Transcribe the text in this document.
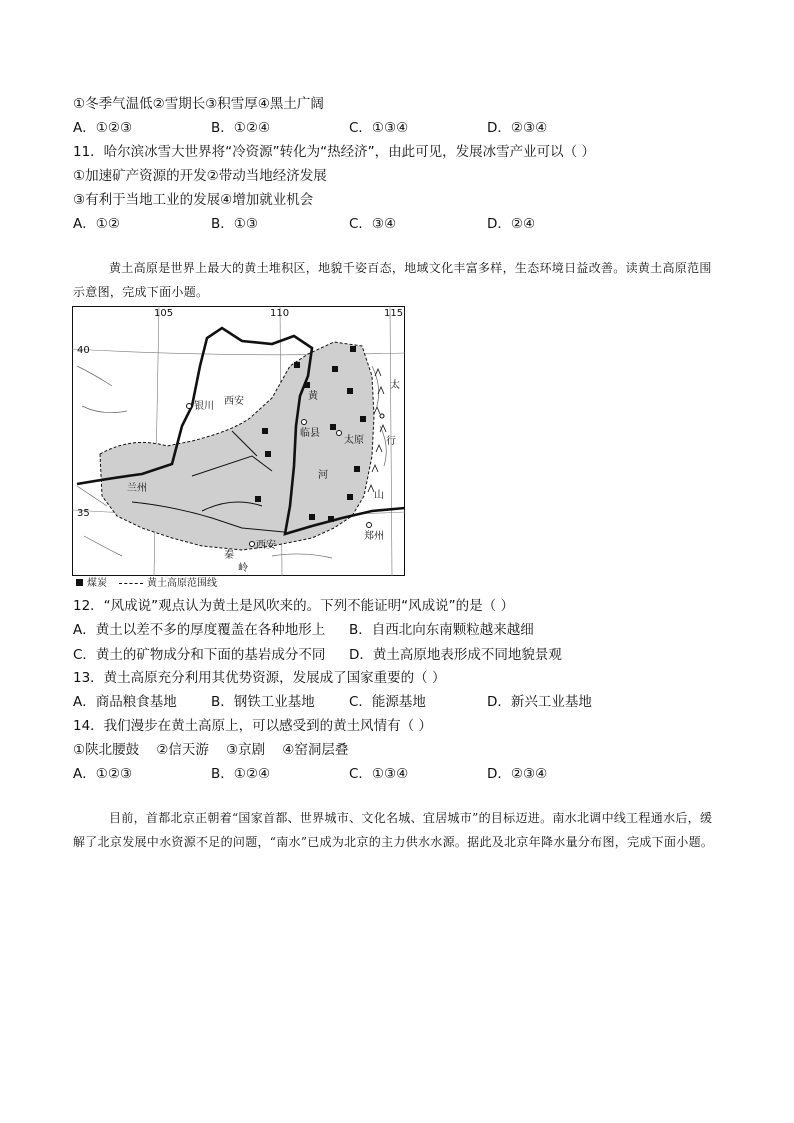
①冬季气温低②雪期长③积雪厚④黑土广阔
A．①②③	B．①②④	C．①③④	D．②③④
11．哈尔滨冰雪大世界将“冷资源”转化为“热经济”，由此可见，发展冰雪产业可以（ ）
①加速矿产资源的开发②带动当地经济发展
③有利于当地工业的发展④增加就业机会
A．①②	B．①③	C．③④	D．②④
黄土高原是世界上最大的黄土堆积区，地貌千姿百态，地域文化丰富多样，生态环境日益改善。读黄土高原范围示意图，完成下面小题。
105	110	115
40
35
银川 西安
兰州
黄
临县
太原
河
太
行
山
郑州
西安
秦
岭
煤炭	黄土高原范围线
12．“风成说”观点认为黄土是风吹来的。下列不能证明“风成说”的是（ ）
A．黄土以差不多的厚度覆盖在各种地形上 B．自西北向东南颗粒越来越细
C．黄土的矿物成分和下面的基岩成分不同 D．黄土高原地表形成不同地貌景观
13．黄土高原充分利用其优势资源，发展成了国家重要的（ ）
A．商品粮食基地	B．钢铁工业基地	C．能源基地	D．新兴工业基地
14．我们漫步在黄土高原上，可以感受到的黄土风情有（ ）
①陕北腰鼓    ②信天游    ③京剧    ④窑洞层叠
A．①②③	B．①②④	C．①③④	D．②③④
目前，首都北京正朝着“国家首都、世界城市、文化名城、宜居城市”的目标迈进。南水北调中线工程通水后，缓解了北京发展中水资源不足的问题，“南水”已成为北京的主力供水水源。据此及北京年降水量分布图，完成下面小题。
